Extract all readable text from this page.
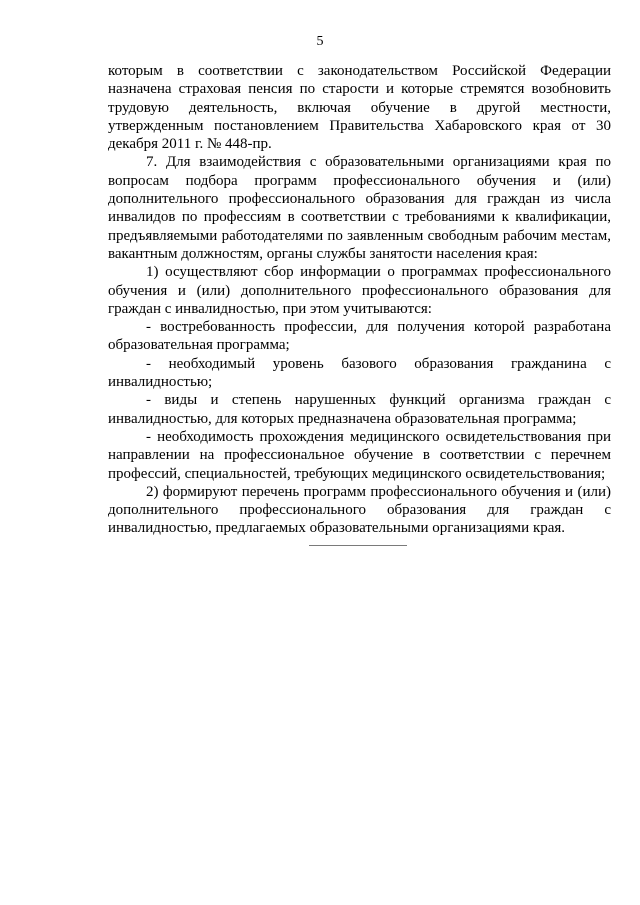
5

которым в соответствии с законодательством Российской Федерации назначена страховая пенсия по старости и которые стремятся возобновить трудовую деятельность, включая обучение в другой местности, утвержденным постановлением Правительства Хабаровского края от 30 декабря 2011 г. № 448-пр.

7. Для взаимодействия с образовательными организациями края по вопросам подбора программ профессионального обучения и (или) дополнительного профессионального образования для граждан из числа инвалидов по профессиям в соответствии с требованиями к квалификации, предъявляемыми работодателями по заявленным свободным рабочим местам, вакантным должностям, органы службы занятости населения края:

1) осуществляют сбор информации о программах профессионального обучения и (или) дополнительного профессионального образования для граждан с инвалидностью, при этом учитываются:

- востребованность профессии, для получения которой разработана образовательная программа;

- необходимый уровень базового образования гражданина с инвалидностью;

- виды и степень нарушенных функций организма граждан с инвалидностью, для которых предназначена образовательная программа;

- необходимость прохождения медицинского освидетельствования при направлении на профессиональное обучение в соответствии с перечнем профессий, специальностей, требующих медицинского освидетельствования;

2) формируют перечень программ профессионального обучения и (или) дополнительного профессионального образования для граждан с инвалидностью, предлагаемых образовательными организациями края.
